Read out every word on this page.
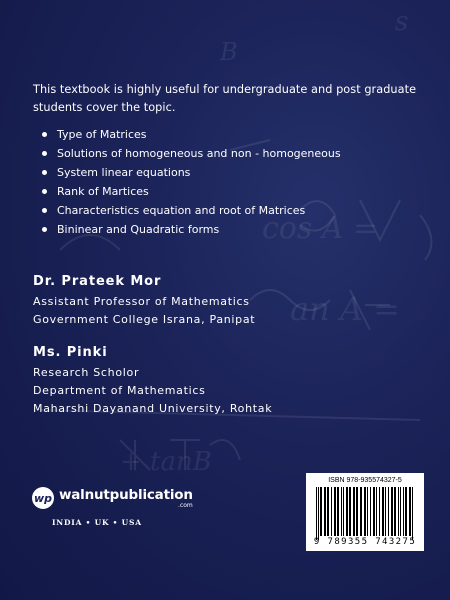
cos A =
an A =
+ tanB
B
s

This textbook is highly useful for undergraduate and post graduate students cover the topic.

Type of Matrices
Solutions of homogeneous and non - homogeneous
System linear equations
Rank of Martices
Characteristics equation and root of Matrices
Bininear and Quadratic forms
Dr. Prateek Mor
Assistant Professor of Mathematics
Government College Israna, Panipat
Ms. Pinki
Research Scholor
Department of Mathematics
Maharshi Dayanand University, Rohtak
wp walnutpublication
.com
INDIA • UK • USA
ISBN 978-935574327-5
9 789355 743275
